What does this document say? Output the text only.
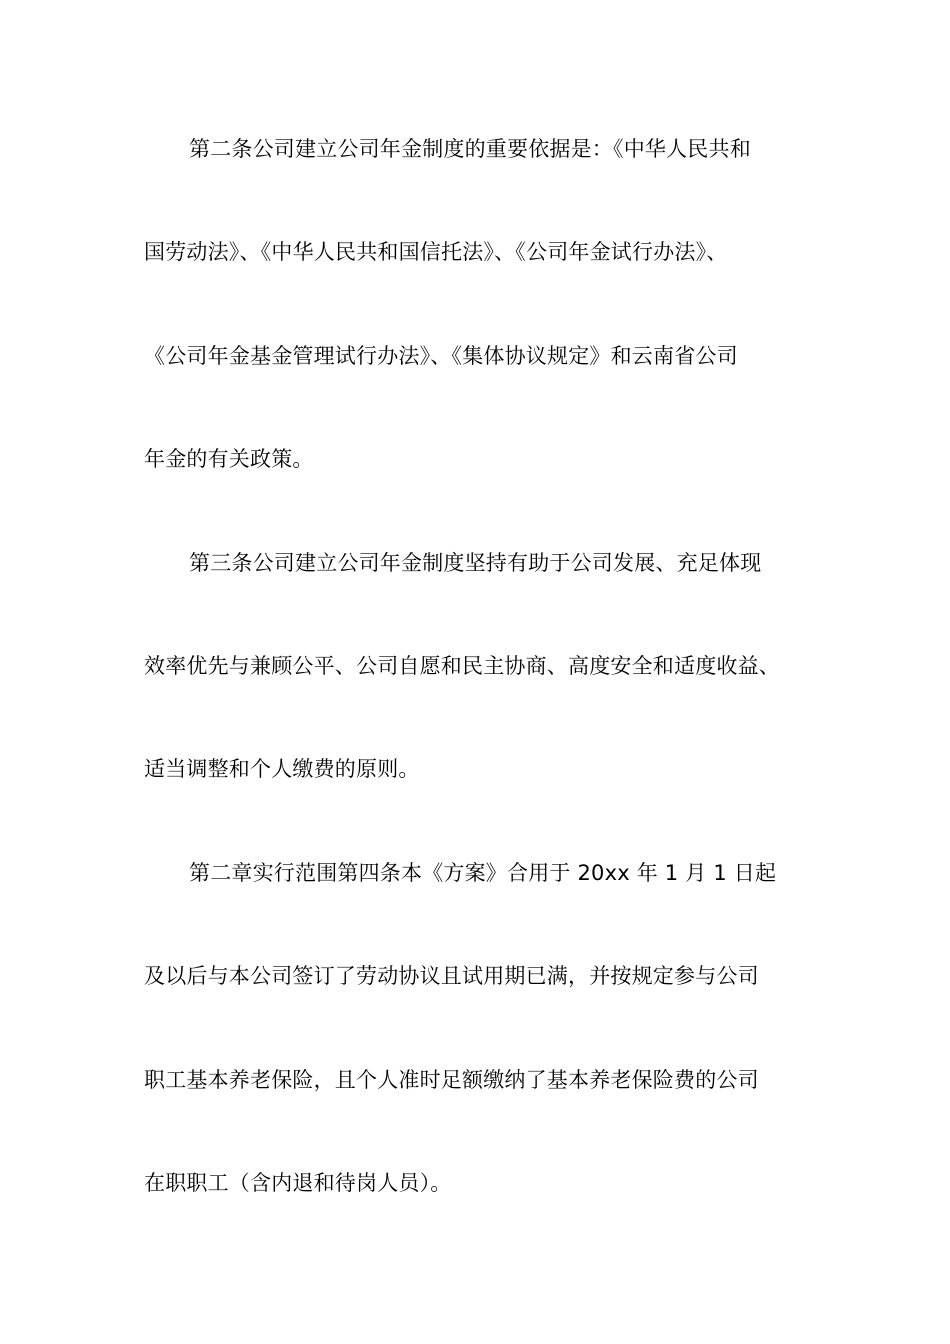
第二条公司建立公司年金制度的重要依据是：《中华人民共和
国劳动法》、《中华人民共和国信托法》、《公司年金试行办法》、
《公司年金基金管理试行办法》、《集体协议规定》和云南省公司
年金的有关政策。
第三条公司建立公司年金制度坚持有助于公司发展、充足体现
效率优先与兼顾公平、公司自愿和民主协商、高度安全和适度收益、
适当调整和个人缴费的原则。
第二章实行范围第四条本《方案》合用于 20xx 年 1 月 1 日起
及以后与本公司签订了劳动协议且试用期已满，并按规定参与公司
职工基本养老保险，且个人准时足额缴纳了基本养老保险费的公司
在职职工（含内退和待岗人员）。
